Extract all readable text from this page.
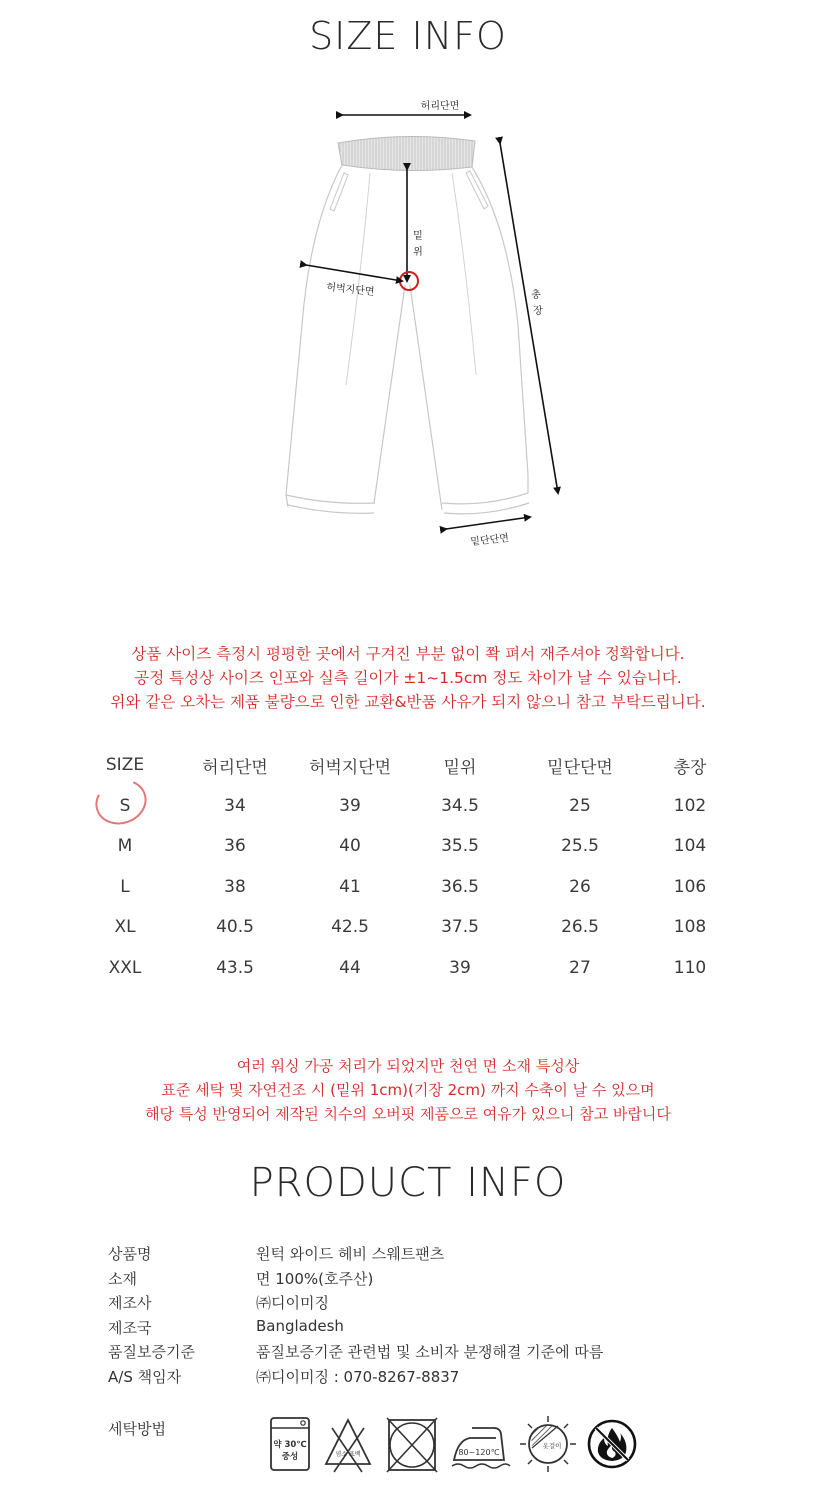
SIZE INFO
허리단면
밑
위
허벅지단면	총
장
밑단단면
상품 사이즈 측정시 평평한 곳에서 구겨진 부분 없이 쫙 펴서 재주셔야 정확합니다.
공정 특성상 사이즈 인포와 실측 길이가 ±1~1.5cm 정도 차이가 날 수 있습니다.
위와 같은 오차는 제품 불량으로 인한 교환&반품 사유가 되지 않으니 참고 부탁드립니다.
SIZE	허리단면	허벅지단면	밑위	밑단단면	총장
S	34	39	34.5	25	102
M	36	40	35.5	25.5	104
L	38	41	36.5	26	106
XL	40.5	42.5	37.5	26.5	108
XXL	43.5	44	39	27	110
여러 워싱 가공 처리가 되었지만 천연 면 소재 특성상
표준 세탁 및 자연건조 시 (밑위 1cm)(기장 2cm) 까지 수축이 날 수 있으며
해당 특성 반영되어 제작된 치수의 오버핏 제품으로 여유가 있으니 참고 바랍니다
PRODUCT INFO
상품명	원턱 와이드 헤비 스웨트팬츠
소재	면 100%(호주산)
제조사	㈜디이미징
제조국	Bangladesh
품질보증기준	품질보증기준 관련법 및 소비자 분쟁해결 기준에 따름
A/S 책임자	㈜디이미징 : 070-8267-8837
세탁방법
약 30℃
중성	염소 표백	80~120℃
옷걸이
